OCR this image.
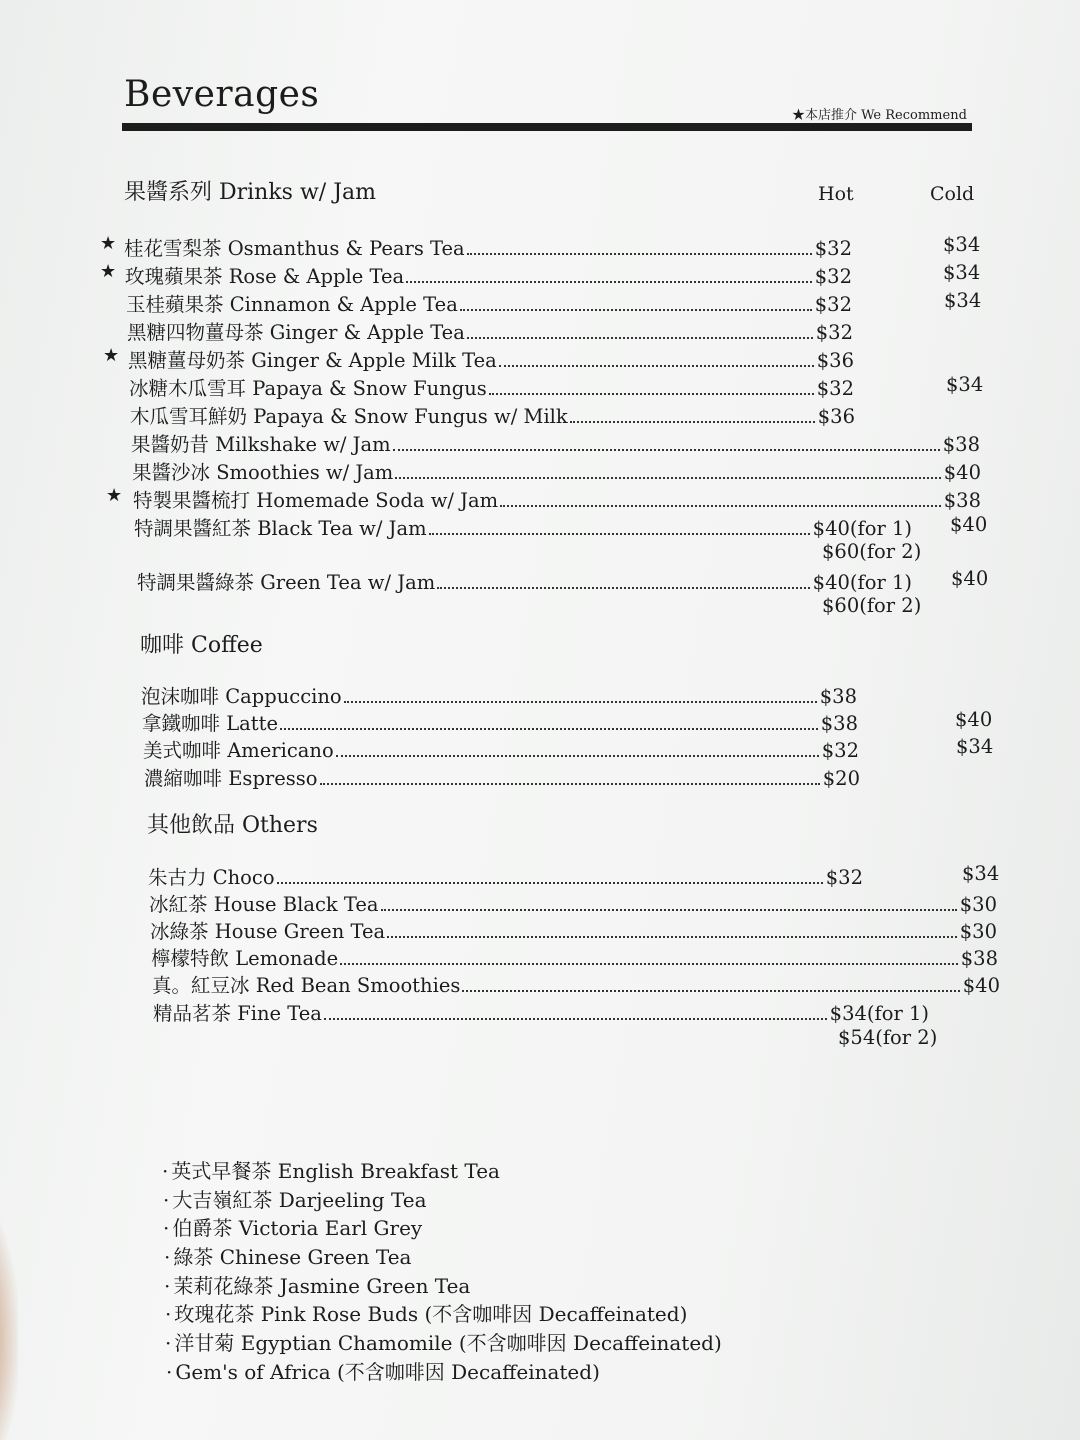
Beverages
★本店推介 We Recommend
果醬系列 Drinks w/ Jam	Hot	Cold
★ 桂花雪梨茶 Osmanthus & Pears Tea	$32	$34
★ 玫瑰蘋果茶 Rose & Apple Tea	$32	$34
玉桂蘋果茶 Cinnamon & Apple Tea	$32	$34
黑糖四物薑母茶 Ginger & Apple Tea	$32
★ 黑糖薑母奶茶 Ginger & Apple Milk Tea	$36
冰糖木瓜雪耳 Papaya & Snow Fungus	$32	$34
木瓜雪耳鮮奶 Papaya & Snow Fungus w/ Milk	$36
果醬奶昔 Milkshake w/ Jam	$38
果醬沙冰 Smoothies w/ Jam	$40
★ 特製果醬梳打 Homemade Soda w/ Jam	$38
特調果醬紅茶 Black Tea w/ Jam	$40(for 1) $40
$60(for 2)
特調果醬綠茶 Green Tea w/ Jam	$40(for 1) $40
$60(for 2)
咖啡 Coffee
泡沫咖啡 Cappuccino	$38
拿鐵咖啡 Latte	$38	$40
美式咖啡 Americano	$32	$34
濃縮咖啡 Espresso	$20
其他飲品 Others
朱古力 Choco	$32	$34
冰紅茶 House Black Tea	$30
冰綠茶 House Green Tea	$30
檸檬特飲 Lemonade	$38
真。紅豆冰 Red Bean Smoothies	$40
精品茗茶 Fine Tea	$34(for 1)
$54(for 2)
· 英式早餐茶 English Breakfast Tea
· 大吉嶺紅茶 Darjeeling Tea
· 伯爵茶 Victoria Earl Grey
· 綠茶 Chinese Green Tea
· 茉莉花綠茶 Jasmine Green Tea
· 玫瑰花茶 Pink Rose Buds (不含咖啡因 Decaffeinated)
· 洋甘菊 Egyptian Chamomile (不含咖啡因 Decaffeinated)
· Gem's of Africa (不含咖啡因 Decaffeinated)
